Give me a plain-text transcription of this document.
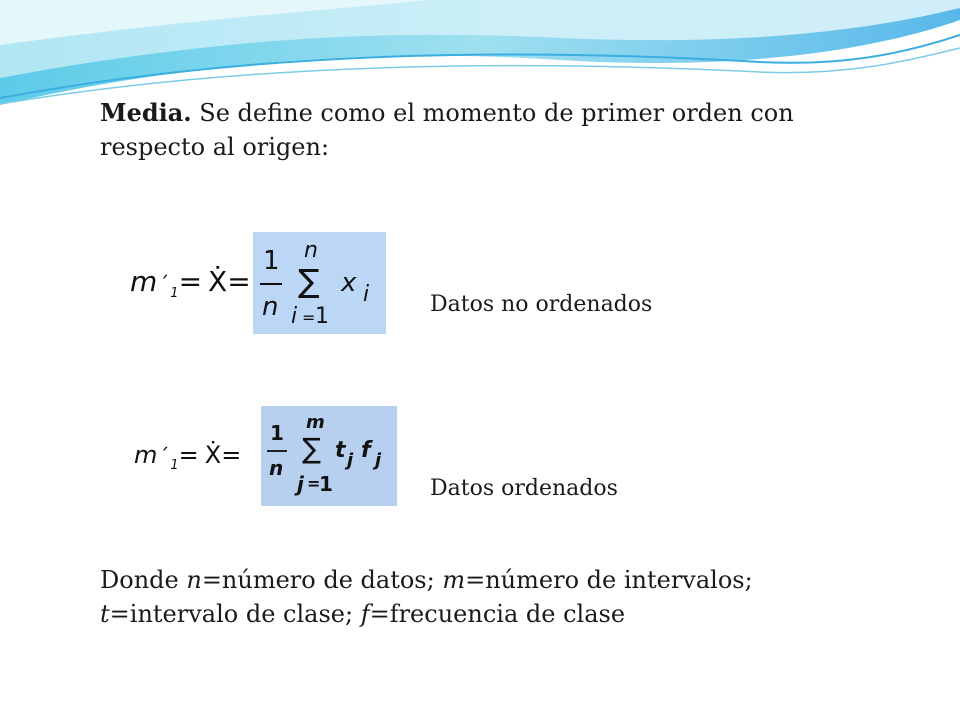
Media. Se define como el momento de primer orden con respecto al origen:

m ´ 1 = Ẋ =
1
n
n
∑
i = 1
x i	Datos no ordenados
m ´ 1 = Ẋ =
1
n
m
∑
j =
1
t j f j
Datos ordenados

Donde n=número de datos; m=número de intervalos;
t=intervalo de clase; f=frecuencia de clase
